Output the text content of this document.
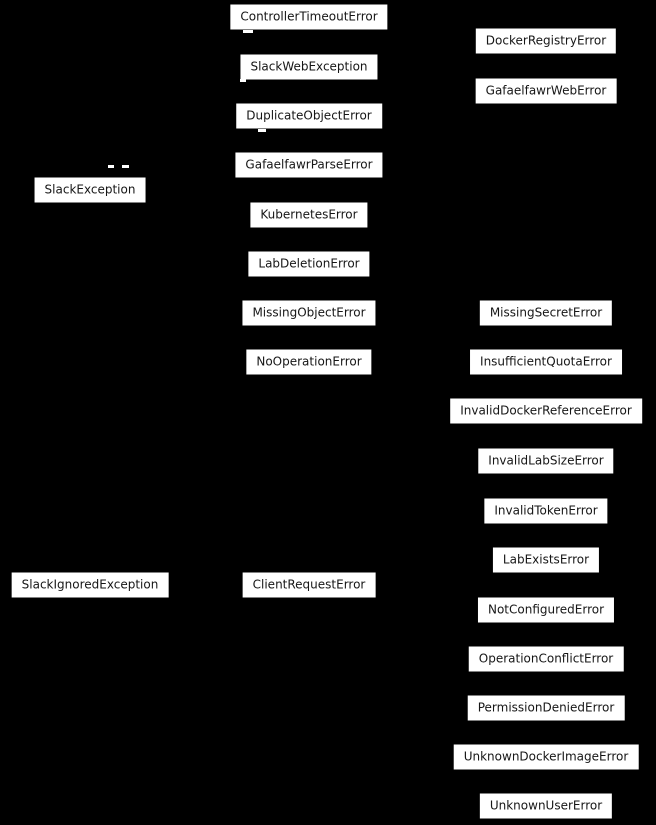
SlackException
SlackIgnoredException
ControllerTimeoutError
SlackWebException
DuplicateObjectError
GafaelfawrParseError
KubernetesError
LabDeletionError
MissingObjectError
NoOperationError
ClientRequestError
DockerRegistryError
GafaelfawrWebError
MissingSecretError
InsufficientQuotaError
InvalidDockerReferenceError
InvalidLabSizeError
InvalidTokenError
LabExistsError
NotConfiguredError
OperationConflictError
PermissionDeniedError
UnknownDockerImageError
UnknownUserError
